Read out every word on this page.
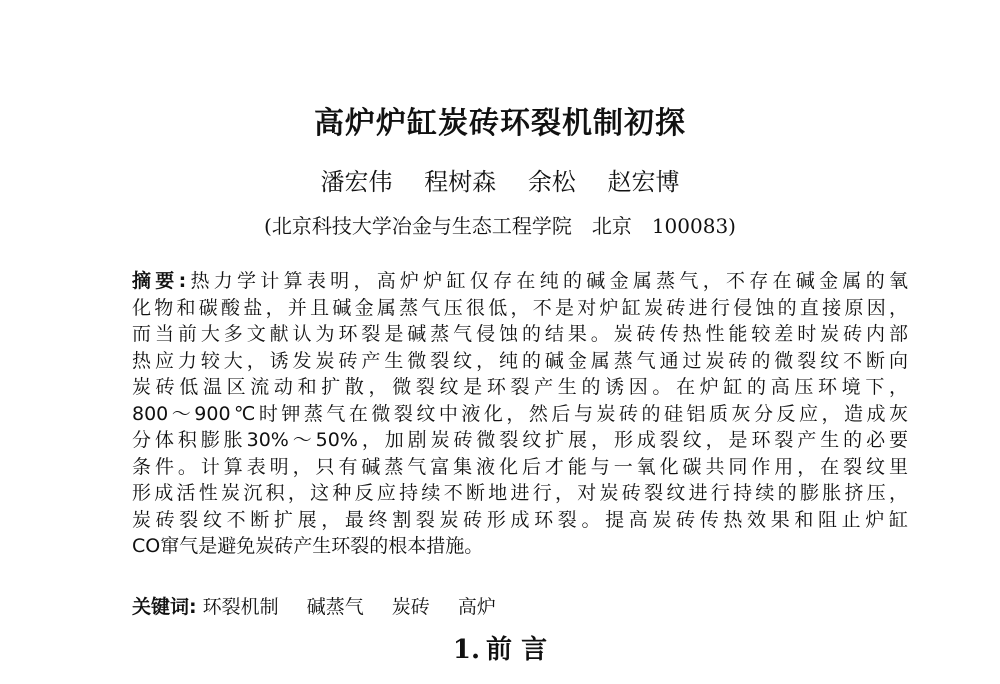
高炉炉缸炭砖环裂机制初探
潘宏伟 程树森 余松 赵宏博
(北京科技大学冶金与生态工程学院　北京　100083)
摘要:热力学计算表明，高炉炉缸仅存在纯的碱金属蒸气，不存在碱金属的氧
化物和碳酸盐，并且碱金属蒸气压很低，不是对炉缸炭砖进行侵蚀的直接原因，
而当前大多文献认为环裂是碱蒸气侵蚀的结果。炭砖传热性能较差时炭砖内部
热应力较大，诱发炭砖产生微裂纹，纯的碱金属蒸气通过炭砖的微裂纹不断向
炭砖低温区流动和扩散，微裂纹是环裂产生的诱因。在炉缸的高压环境下，
800～900℃时钾蒸气在微裂纹中液化，然后与炭砖的硅铝质灰分反应，造成灰
分体积膨胀30%～50%，加剧炭砖微裂纹扩展，形成裂纹，是环裂产生的必要
条件。计算表明，只有碱蒸气富集液化后才能与一氧化碳共同作用，在裂纹里
形成活性炭沉积，这种反应持续不断地进行，对炭砖裂纹进行持续的膨胀挤压，
炭砖裂纹不断扩展，最终割裂炭砖形成环裂。提高炭砖传热效果和阻止炉缸
CO窜气是避免炭砖产生环裂的根本措施。
关键词: 环裂机制 碱蒸气 炭砖 高炉
1. 前 言
